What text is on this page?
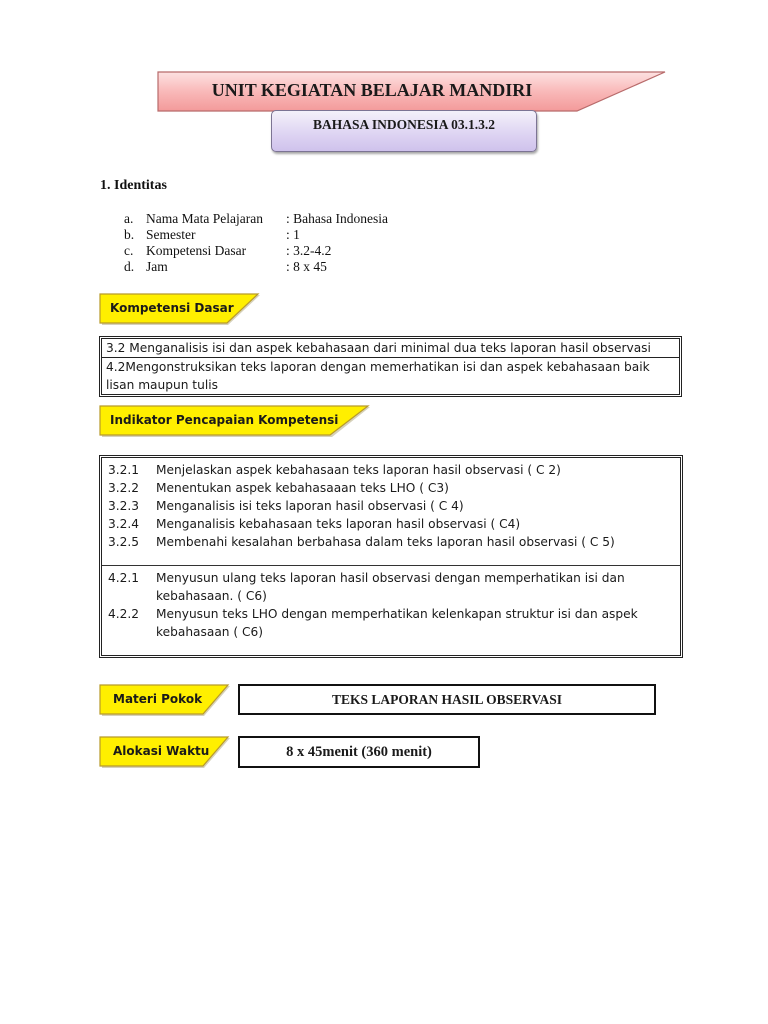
UNIT KEGIATAN BELAJAR MANDIRI
BAHASA INDONESIA 03.1.3.2
1. Identitas
a. Nama Mata Pelajaran	: Bahasa Indonesia
b. Semester	: 1
c. Kompetensi Dasar	: 3.2-4.2
d. Jam	: 8 x 45
Kompetensi Dasar
3.2 Menganalisis isi dan aspek kebahasaan dari minimal dua teks laporan hasil observasi
4.2Mengonstruksikan teks laporan dengan memerhatikan isi dan aspek kebahasaan baik lisan maupun tulis
Indikator Pencapaian Kompetensi
3.2.1	Menjelaskan aspek kebahasaan teks laporan hasil observasi ( C 2)
3.2.2	Menentukan aspek kebahasaaan teks LHO ( C3)
3.2.3	Menganalisis isi teks laporan hasil observasi ( C 4)
3.2.4	Menganalisis kebahasaan teks laporan hasil observasi ( C4)
3.2.5	Membenahi kesalahan berbahasa dalam teks laporan hasil observasi ( C 5)
4.2.1	Menyusun ulang teks laporan hasil observasi dengan memperhatikan isi dan kebahasaan. ( C6)
4.2.2	Menyusun teks LHO dengan memperhatikan kelenkapan struktur isi dan aspek kebahasaan ( C6)
Materi Pokok	TEKS LAPORAN HASIL OBSERVASI
Alokasi Waktu	8 x 45menit (360 menit)
